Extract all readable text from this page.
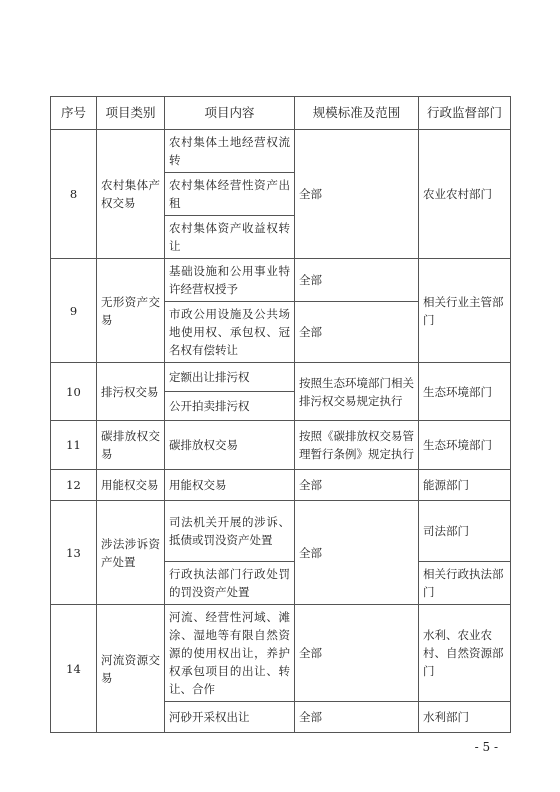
序号	项目类别	项目内容	规模标准及范围	行政监督部门
8	农村集体产权交易	农村集体土地经营权流转	全部	农业农村部门
		农村集体经营性资产出租		
		农村集体资产收益权转让		
9	无形资产交易	基础设施和公用事业特许经营权授予	全部	相关行业主管部门
		市政公用设施及公共场地使用权、承包权、冠名权有偿转让	全部	
10	排污权交易	定额出让排污权	按照生态环境部门相关排污权交易规定执行	生态环境部门
		公开拍卖排污权		
11	碳排放权交易	碳排放权交易	按照《碳排放权交易管理暂行条例》规定执行	生态环境部门
12	用能权交易	用能权交易	全部	能源部门
13	涉法涉诉资产处置	司法机关开展的涉诉、抵债或罚没资产处置	全部	司法部门
		行政执法部门行政处罚的罚没资产处置		相关行政执法部门
14	河流资源交易	河流、经营性河域、滩涂、湿地等有限自然资源的使用权出让，养护权承包项目的出让、转让、合作	全部	水利、农业农村、自然资源部门
		河砂开采权出让	全部	水利部门
- 5 -
